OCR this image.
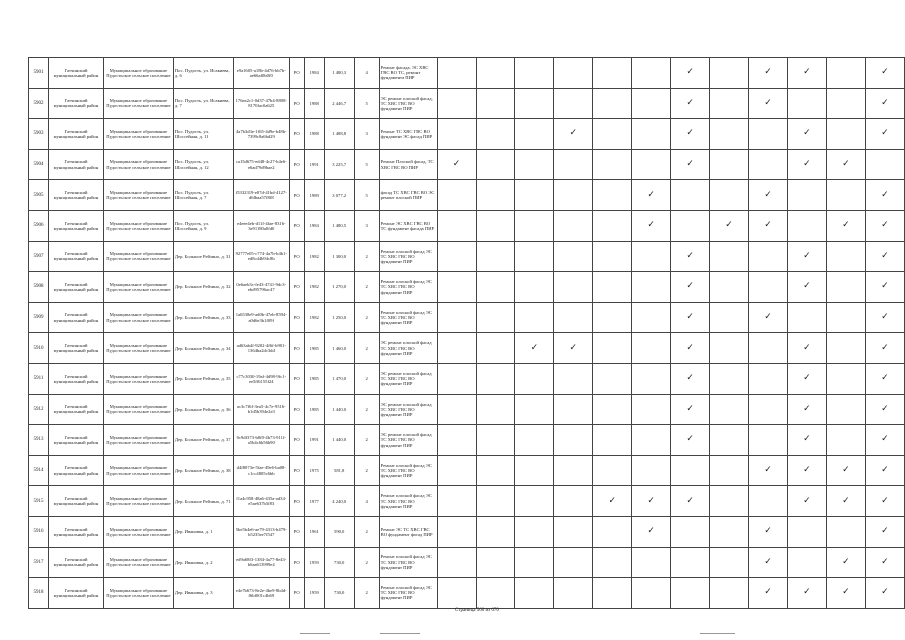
5901	Гатчинский муниципальный район	Муниципальное образование Пудостьское сельское поселение	Пос. Пудость, ул. Исакиева, д. 6	e9a1605-a18b-4d76-bb7b-ae66af0b0f0	РО	1984	1 480,3	4	Ремонт фасада, ЭС ХВС ГВС ВО ТС, ремонт фундамента ПИР							✓		✓	✓		✓
5902	Гатчинский муниципальный район	Муниципальное образование Пудостьское сельское поселение	Пос. Пудость, ул. Исакиева, д. 7	176ea2c1-0d37-47b4-8808-8170fac0a625	РО	1988	2 446,7	5	ЭС ремонт плоской фасад, ТС ХВС ГВС ВО фундамент ПИР							✓		✓			✓
5903	Гатчинский муниципальный район	Муниципальное образование Пудостьское сельское поселение	Пос. Пудость, ул. Шоссейная, д. 11	4a7b3d3e-1f65-4d9e-b48b-7399c8a6bd29	РО	1988	1 488,8	3	Ремонт ТС ХВС ГВС ВО фундамент ЭС фасад ПИР				✓			✓			✓		✓
5904	Гатчинский муниципальный район	Муниципальное образование Пудостьское сельское поселение	Пос. Пудость, ул. Шоссейная, д. 12	ca15d675-ed48-4c27-b4e6-e6ad79d9bae2	РО	1991	3 225,7	5	Ремонт Плоской фасад, ТС ХВС ГВС ВО ПИР	✓						✓			✓	✓	
5905	Гатчинский муниципальный район	Муниципальное образование Пудостьское сельское поселение	Пос. Пудость, ул. Шоссейная, д. 7	f5332319-e07d-41bd-4127-d6fbaa57f8f8	РО	1989	3 077,2	5	фасад ТС ХВС ГВС ВО ЭС ремонт плоской ПИР						✓			✓			✓
5906	Гатчинский муниципальный район	Муниципальное образование Пудостьское сельское поселение	Пос. Пудость, ул. Шоссейная, д. 9	e4eee4eb-d11f-4fae-8316-3e91180a0fd0	РО	1984	1 480,5	3	Ремонт ЭС ХВС ГВС ВО ТС фундамент фасада ПИР						✓		✓	✓		✓	✓
5907	Гатчинский муниципальный район	Муниципальное образование Пудостьское сельское поселение	Дер. Большое Рейзино, д. 31	92777e05-c774-4a7b-b4b1-ed8cd4b94c8b	РО	1982	1 300,0	2	Ремонт плоской фасад ЭС ТС ХВС ГВС ВО фундамент ПИР							✓			✓		✓
5908	Гатчинский муниципальный район	Муниципальное образование Пудостьское сельское поселение	Дер. Большое Рейзино, д. 32	0e6aeb3c-fe43-4741-9dc3-ebd95796ac47	РО	1982	1 270,0	2	Ремонт плоской фасад ЭС ТС ХВС ГВС ВО фундамент ПИР							✓			✓		✓
5909	Гатчинский муниципальный район	Муниципальное образование Пудостьское сельское поселение	Дер. Большое Рейзино, д. 33	1a6538e9-ad0b-47eb-8594-a0d6e3b1f09f	РО	1982	1 250,0	2	Ремонт плоской фасад ЭС ТС ХВС ГВС ВО фундамент ПИР							✓		✓			✓
5910	Гатчинский муниципальный район	Муниципальное образование Пудостьское сельское поселение	Дер. Большое Рейзино, д. 34	ad63ab4f-9202-4f6f-b901-1364ba2dc3dd	РО	1985	1 460,0	2	ЭС ремонт плоской фасад ТС ХВС ГВС ВО фундамент ПИР			✓	✓			✓			✓		✓
5911	Гатчинский муниципальный район	Муниципальное образование Пудостьское сельское поселение	Дер. Большое Рейзино, д. 35	c77c3030-19af-4d98-9fc1-ee5ff6155f24	РО	1985	1 470,0	2	ЭС ремонт плоской фасад ТС ХВС ГВС ВО фундамент ПИР							✓			✓		✓
5912	Гатчинский муниципальный район	Муниципальное образование Пудостьское сельское поселение	Дер. Большое Рейзино, д. 36	ac3c7f6f-3ea5-4c7e-9516-b1d5b394e2e3	РО	1985	1 440,0	2	ЭС ремонт плоской фасад ТС ХВС ГВС ВО фундамент ПИР							✓			✓		✓
5913	Гатчинский муниципальный район	Муниципальное образование Пудостьское сельское поселение	Дер. Большое Рейзино, д. 37	0c9df373-b8f0-4b73-911f-a5b4c6b56b90	РО	1991	1 440,0	2	ЭС ремонт плоской фасад ТС ХВС ГВС ВО фундамент ПИР							✓			✓		✓
5914	Гатчинский муниципальный район	Муниципальное образование Пудостьское сельское поселение	Дер. Большое Рейзино, д. 38	d4f8073e-5fae-49e6-ba08-c1cc4805c6bb	РО	1975	581,8	2	Ремонт плоской фасад ЭС ТС ХВС ГВС ВО фундамент ПИР									✓	✓	✓	✓
5915	Гатчинский муниципальный район	Муниципальное образование Пудостьское сельское поселение	Дер. Большое Рейзино, д. 71	f1a4c958-48a6-435a-ad34-e5ae637b5f83	РО	1977	4 240,0	4	Ремонт плоской фасад ЭС ТС ХВС ГВС ВО фундамент ПИР					✓	✓	✓			✓	✓	✓
5916	Гатчинский муниципальный район	Муниципальное образование Пудостьское сельское поселение	Дер. Ивановка, д. 1	5be5b4e6-ae79-4313-b479-b5235ee7f547	РО	1961	590,0	2	Ремонт ЭС ТС ХВС ГВС ВО фундамент фасад ПИР						✓			✓			✓
5917	Гатчинский муниципальный район	Муниципальное образование Пудостьское сельское поселение	Дер. Ивановка, д. 2	ed9a68f3-1384-4a77-8e43-b6aa613999e4	РО	1959	730,0	2	Ремонт плоской фасад ЭС ТС ХВС ГВС ВО фундамент ПИР									✓		✓	✓
5918	Гатчинский муниципальный район	Муниципальное образование Пудостьское сельское поселение	Дер. Ивановка, д. 3	e4e7b673-8e2e-4be9-8b4d-f6bf001c4b69	РО	1959	730,0	2	Ремонт плоской фасад ЭС ТС ХВС ГВС ВО фундамент ПИР									✓	✓	✓	✓
Страница 560 из 670
